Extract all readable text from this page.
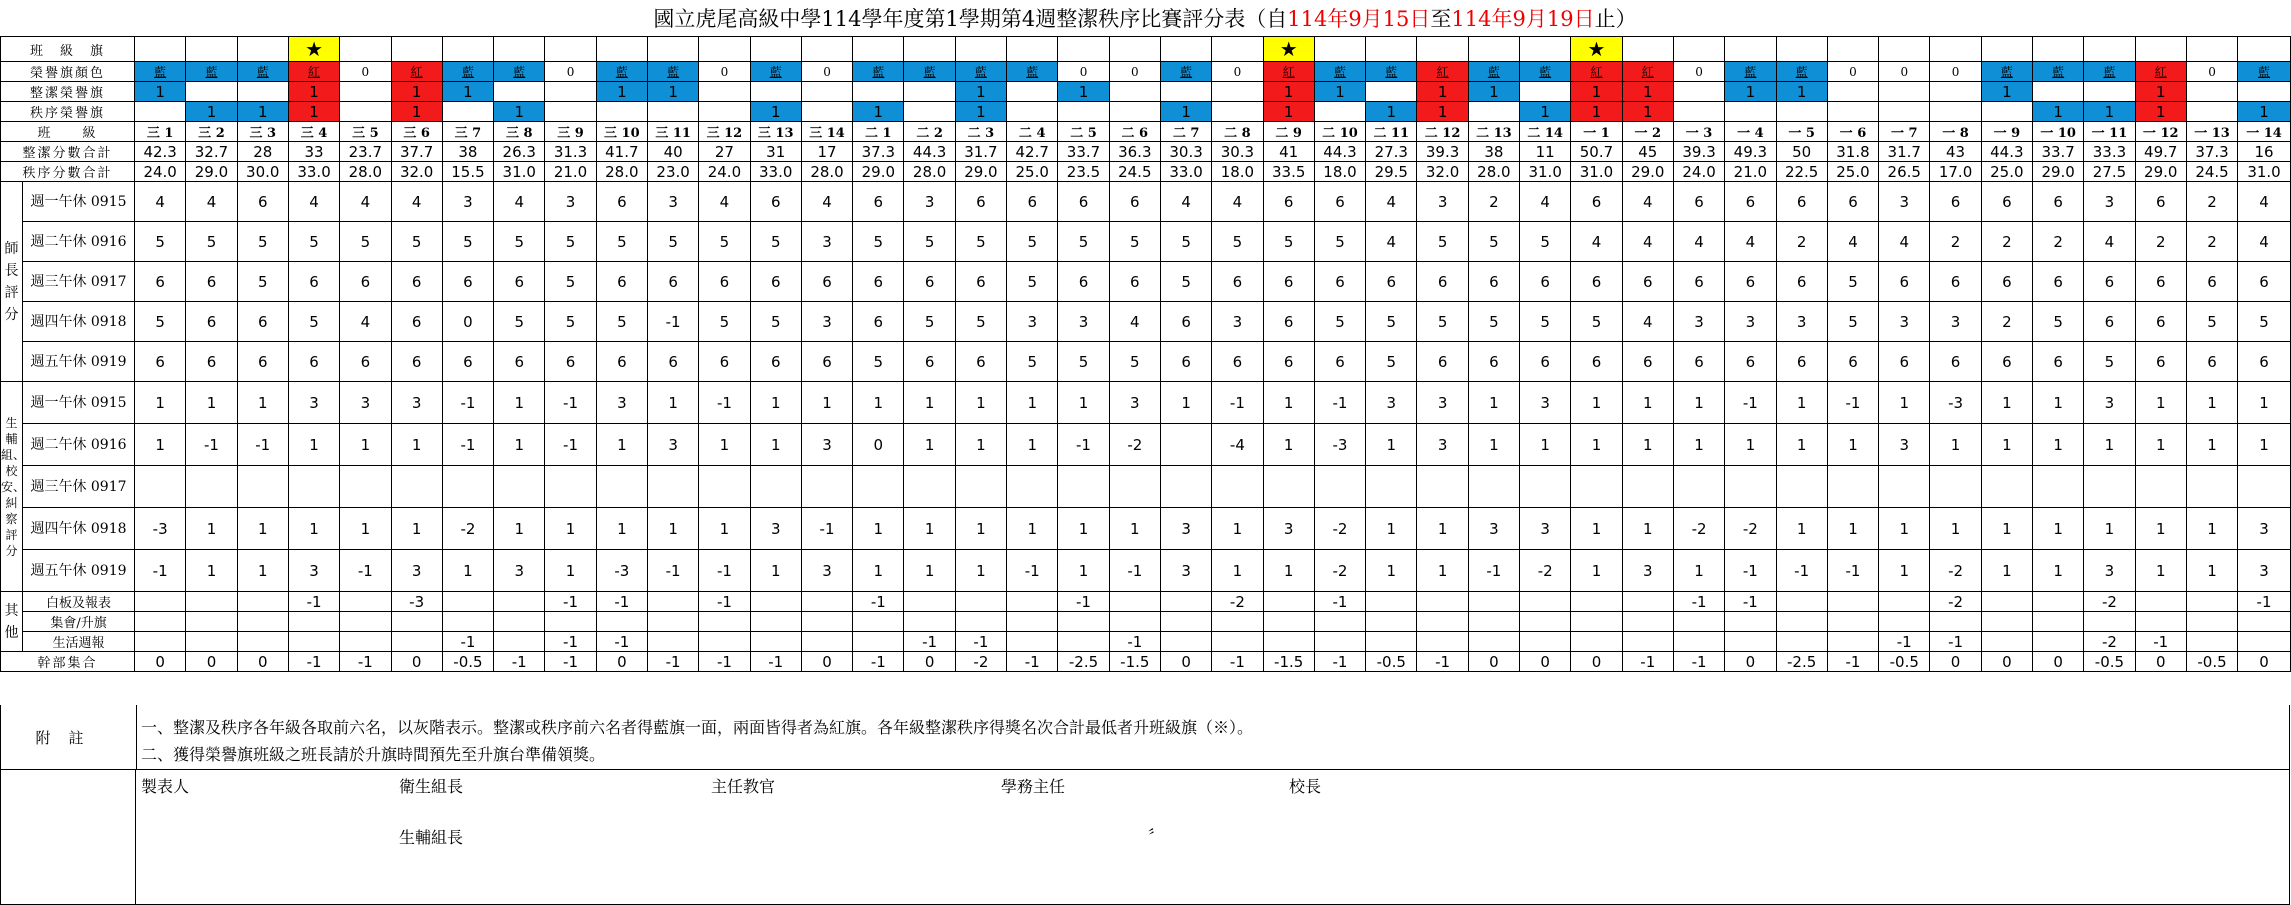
國立虎尾高級中學114學年度第1學期第4週整潔秩序比賽評分表（自114年9月15日至114年9月19日止）
班　級　旗					★																			★						★													
榮譽旗顏色		藍	藍	藍	紅	0	紅	藍	藍	0	藍	藍	0	藍	0	藍	藍	藍	藍	0	0	藍	0	紅	藍	藍	紅	藍	藍	紅	紅	0	藍	藍	0	0	0	藍	藍	藍	紅	0	藍
整潔榮譽旗		1			1		1	1			1	1						1		1				1	1		1	1		1	1		1	1				1			1		
秩序榮譽旗			1	1	1		1		1					1		1		1				1		1		1	1		1	1	1								1	1	1		1
班　　級		三 1	三 2	三 3	三 4	三 5	三 6	三 7	三 8	三 9	三 10	三 11	三 12	三 13	三 14	二 1	二 2	二 3	二 4	二 5	二 6	二 7	二 8	二 9	二 10	二 11	二 12	二 13	二 14	一 1	一 2	一 3	一 4	一 5	一 6	一 7	一 8	一 9	一 10	一 11	一 12	一 13	一 14
整潔分數合計		42.3	32.7	28	33	23.7	37.7	38	26.3	31.3	41.7	40	27	31	17	37.3	44.3	31.7	42.7	33.7	36.3	30.3	30.3	41	44.3	27.3	39.3	38	11	50.7	45	39.3	49.3	50	31.8	31.7	43	44.3	33.7	33.3	49.7	37.3	16
秩序分數合計		24.0	29.0	30.0	33.0	28.0	32.0	15.5	31.0	21.0	28.0	23.0	24.0	33.0	28.0	29.0	28.0	29.0	25.0	23.5	24.5	33.0	18.0	33.5	18.0	29.5	32.0	28.0	31.0	31.0	29.0	24.0	21.0	22.5	25.0	26.5	17.0	25.0	29.0	27.5	29.0	24.5	31.0
師長評分	週一午休 0915	4	4	6	4	4	4	3	4	3	6	3	4	6	4	6	3	6	6	6	6	4	4	6	6	4	3	2	4	6	4	6	6	6	6	3	6	6	6	3	6	2	4
	週二午休 0916	5	5	5	5	5	5	5	5	5	5	5	5	5	3	5	5	5	5	5	5	5	5	5	5	4	5	5	5	4	4	4	4	2	4	4	2	2	2	4	2	2	4
	週三午休 0917	6	6	5	6	6	6	6	6	5	6	6	6	6	6	6	6	6	5	6	6	5	6	6	6	6	6	6	6	6	6	6	6	6	5	6	6	6	6	6	6	6	6
	週四午休 0918	5	6	6	5	4	6	0	5	5	5	-1	5	5	3	6	5	5	3	3	4	6	3	6	5	5	5	5	5	5	4	3	3	3	5	3	3	2	5	6	6	5	5
	週五午休 0919	6	6	6	6	6	6	6	6	6	6	6	6	6	6	5	6	6	5	5	5	6	6	6	6	5	6	6	6	6	6	6	6	6	6	6	6	6	6	5	6	6	6
生輔組、校安、糾察評分	週一午休 0915	1	1	1	3	3	3	-1	1	-1	3	1	-1	1	1	1	1	1	1	1	3	1	-1	1	-1	3	3	1	3	1	1	1	-1	1	-1	1	-3	1	1	3	1	1	1
	週二午休 0916	1	-1	-1	1	1	1	-1	1	-1	1	3	1	1	3	0	1	1	1	-1	-2		-4	1	-3	1	3	1	1	1	1	1	1	1	1	3	1	1	1	1	1	1	1
	週三午休 0917																																										
	週四午休 0918	-3	1	1	1	1	1	-2	1	1	1	1	1	3	-1	1	1	1	1	1	1	3	1	3	-2	1	1	3	3	1	1	-2	-2	1	1	1	1	1	1	1	1	1	3
	週五午休 0919	-1	1	1	3	-1	3	1	3	1	-3	-1	-1	1	3	1	1	1	-1	1	-1	3	1	1	-2	1	1	-1	-2	1	3	1	-1	-1	-1	1	-2	1	1	3	1	1	3
其他	白板及報表				-1		-3			-1	-1		-1			-1				-1			-2		-1							-1	-1				-2			-2			-1
	集會/升旗																																										
	生活週報							-1		-1	-1						-1	-1			-1															-1	-1			-2	-1		
幹部集合		0	0	0	-1	-1	0	-0.5	-1	-1	0	-1	-1	-1	0	-1	0	-2	-1	-2.5	-1.5	0	-1	-1.5	-1	-0.5	-1	0	0	0	-1	-1	0	-2.5	-1	-0.5	0	0	0	-0.5	0	-0.5	0
附註
一、整潔及秩序各年級各取前六名，以灰階表示。整潔或秩序前六名者得藍旗一面，兩面皆得者為紅旗。各年級整潔秩序得獎名次合計最低者升班級旗（※）。
二、獲得榮譽旗班級之班長請於升旗時間預先至升旗台準備領獎。
製表人	衛生組長	主任教官	學務主任	校長
生輔組長	〞
